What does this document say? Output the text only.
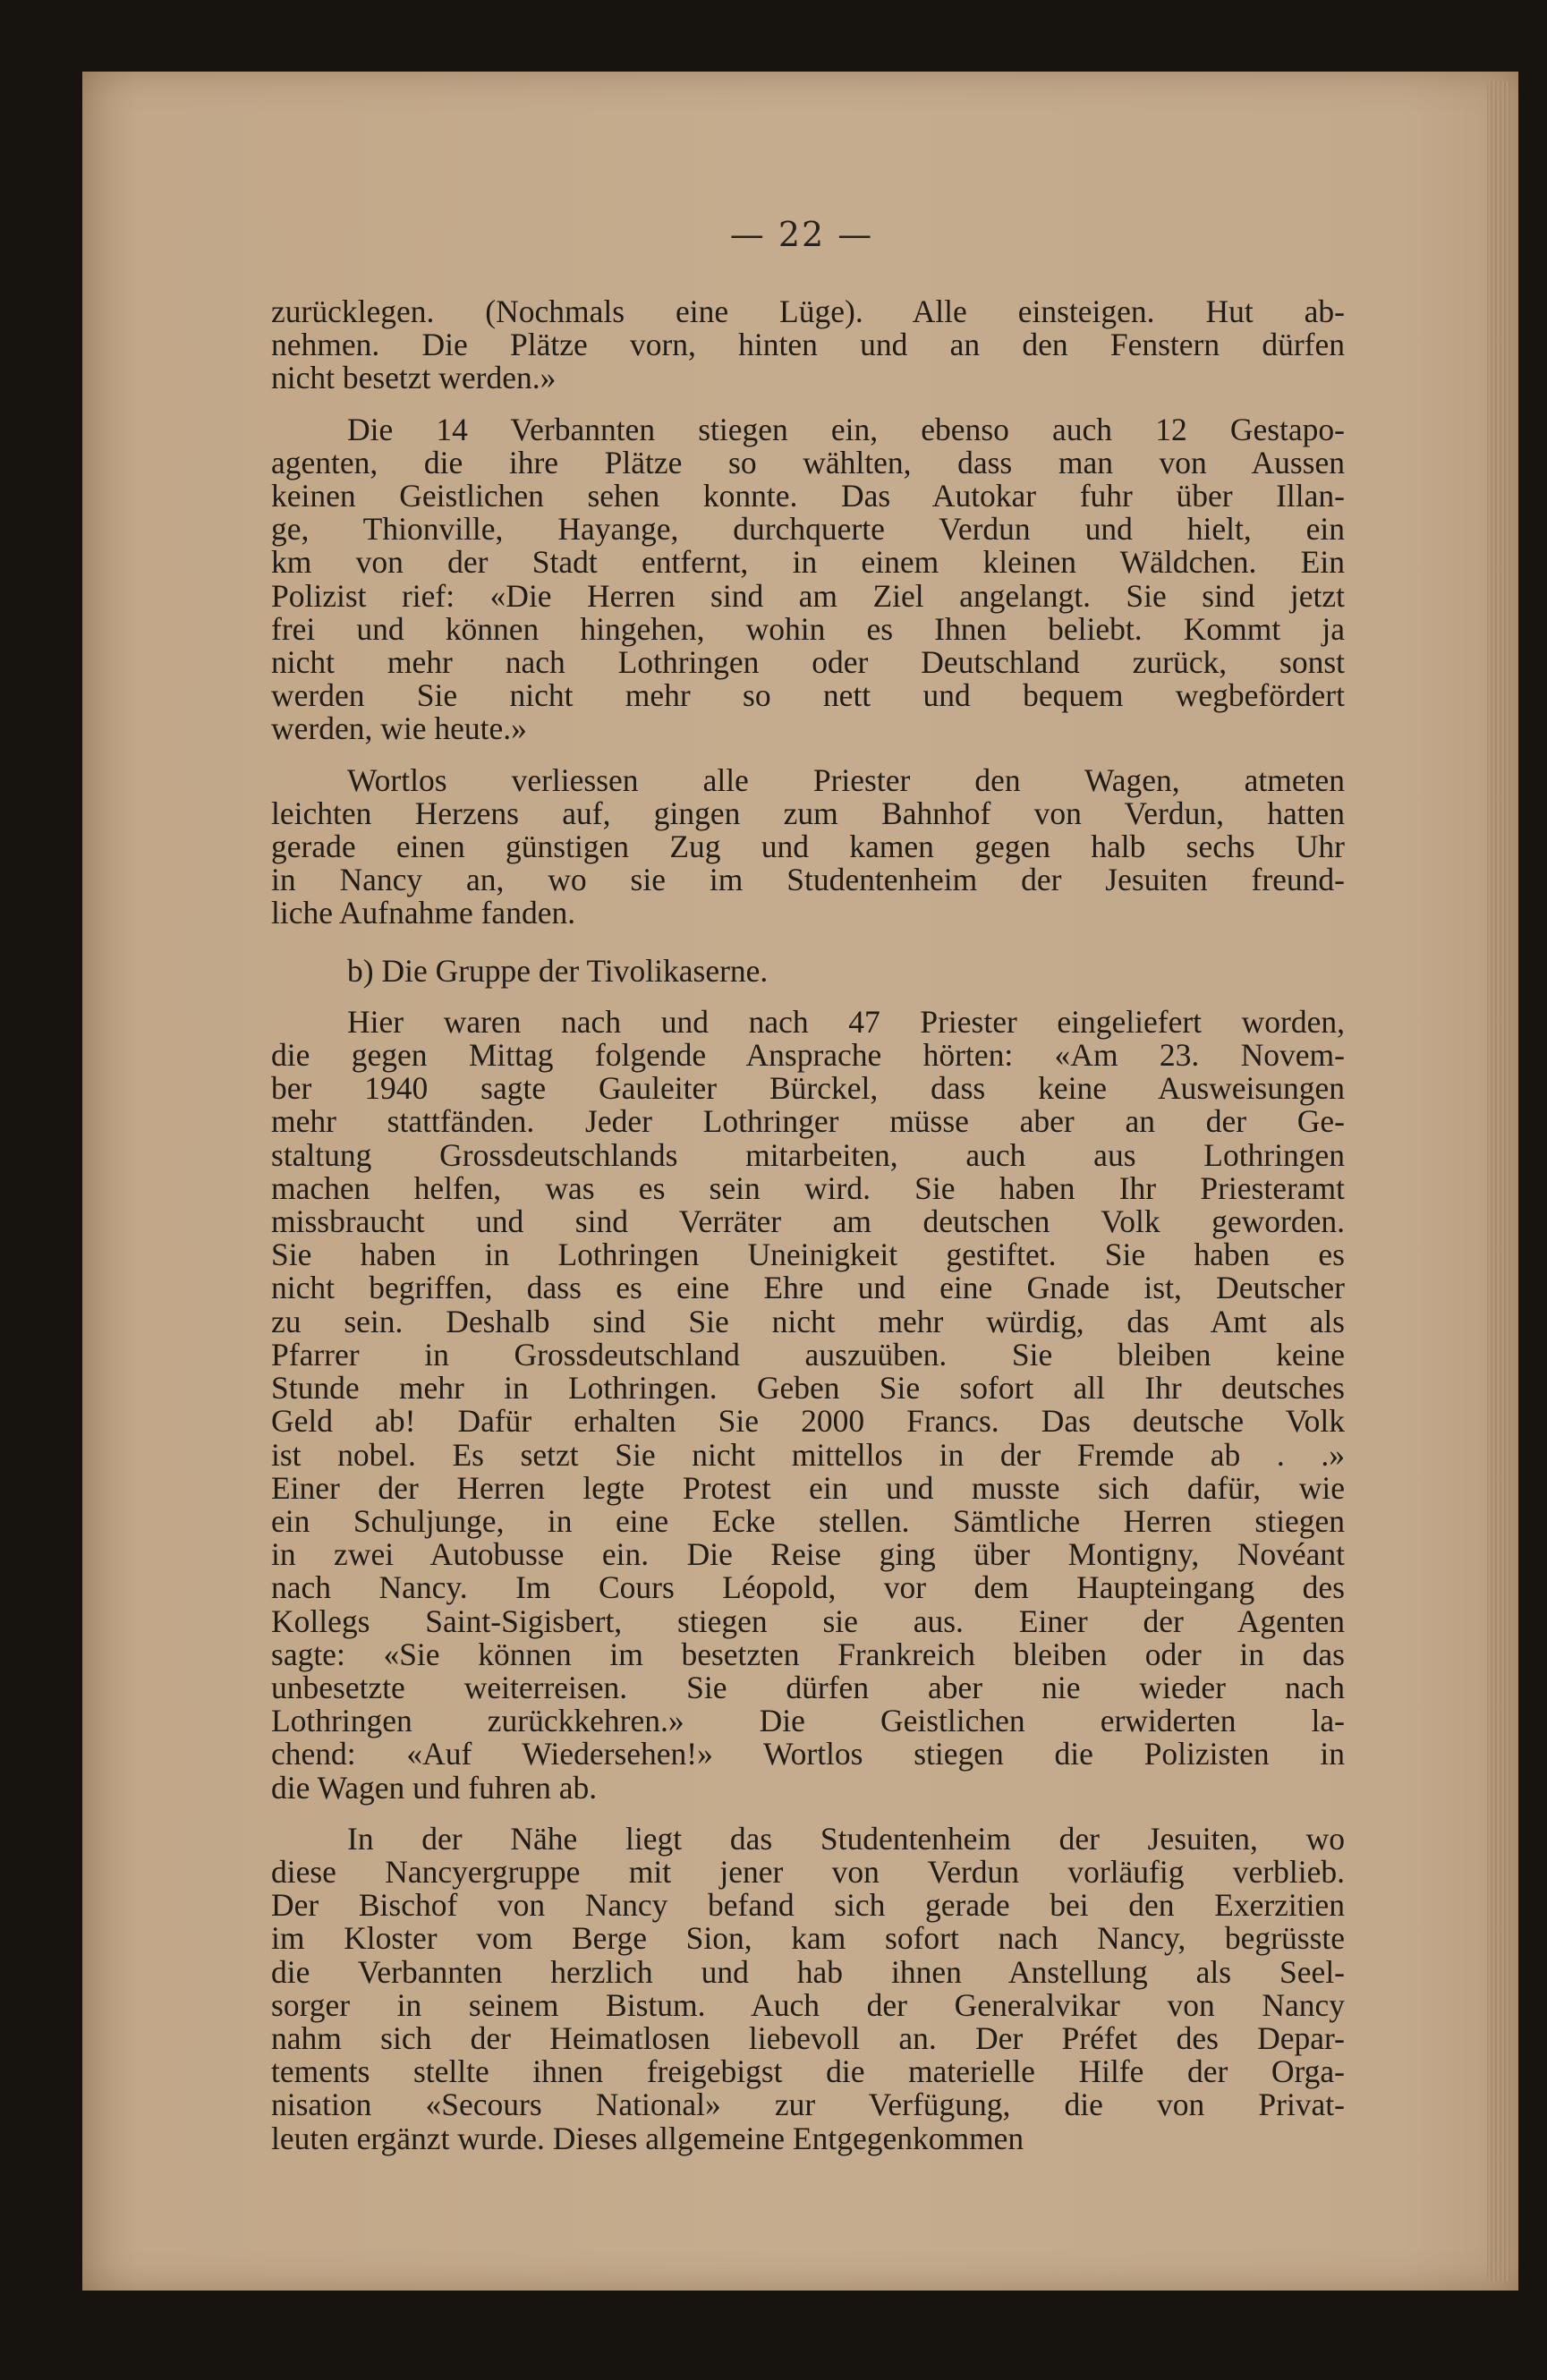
— 22 —
zurücklegen. (Nochmals eine Lüge). Alle einsteigen. Hut ab-
nehmen. Die Plätze vorn, hinten und an den Fenstern dürfen
nicht besetzt werden.»
Die 14 Verbannten stiegen ein, ebenso auch 12 Gestapo-
agenten, die ihre Plätze so wählten, dass man von Aussen
keinen Geistlichen sehen konnte. Das Autokar fuhr über Illan-
ge, Thionville, Hayange, durchquerte Verdun und hielt, ein
km von der Stadt entfernt, in einem kleinen Wäldchen. Ein
Polizist rief: «Die Herren sind am Ziel angelangt. Sie sind jetzt
frei und können hingehen, wohin es Ihnen beliebt. Kommt ja
nicht mehr nach Lothringen oder Deutschland zurück, sonst
werden Sie nicht mehr so nett und bequem wegbefördert
werden, wie heute.»
Wortlos verliessen alle Priester den Wagen, atmeten
leichten Herzens auf, gingen zum Bahnhof von Verdun, hatten
gerade einen günstigen Zug und kamen gegen halb sechs Uhr
in Nancy an, wo sie im Studentenheim der Jesuiten freund-
liche Aufnahme fanden.
b) Die Gruppe der Tivolikaserne.
Hier waren nach und nach 47 Priester eingeliefert worden,
die gegen Mittag folgende Ansprache hörten: «Am 23. Novem-
ber 1940 sagte Gauleiter Bürckel, dass keine Ausweisungen
mehr stattfänden. Jeder Lothringer müsse aber an der Ge-
staltung Grossdeutschlands mitarbeiten, auch aus Lothringen
machen helfen, was es sein wird. Sie haben Ihr Priesteramt
missbraucht und sind Verräter am deutschen Volk geworden.
Sie haben in Lothringen Uneinigkeit gestiftet. Sie haben es
nicht begriffen, dass es eine Ehre und eine Gnade ist, Deutscher
zu sein. Deshalb sind Sie nicht mehr würdig, das Amt als
Pfarrer in Grossdeutschland auszuüben. Sie bleiben keine
Stunde mehr in Lothringen. Geben Sie sofort all Ihr deutsches
Geld ab! Dafür erhalten Sie 2000 Francs. Das deutsche Volk
ist nobel. Es setzt Sie nicht mittellos in der Fremde ab . .»
Einer der Herren legte Protest ein und musste sich dafür, wie
ein Schuljunge, in eine Ecke stellen. Sämtliche Herren stiegen
in zwei Autobusse ein. Die Reise ging über Montigny, Novéant
nach Nancy. Im Cours Léopold, vor dem Haupteingang des
Kollegs Saint-Sigisbert, stiegen sie aus. Einer der Agenten
sagte: «Sie können im besetzten Frankreich bleiben oder in das
unbesetzte weiterreisen. Sie dürfen aber nie wieder nach
Lothringen zurückkehren.» Die Geistlichen erwiderten la-
chend: «Auf Wiedersehen!» Wortlos stiegen die Polizisten in
die Wagen und fuhren ab.
In der Nähe liegt das Studentenheim der Jesuiten, wo
diese Nancyergruppe mit jener von Verdun vorläufig verblieb.
Der Bischof von Nancy befand sich gerade bei den Exerzitien
im Kloster vom Berge Sion, kam sofort nach Nancy, begrüsste
die Verbannten herzlich und hab ihnen Anstellung als Seel-
sorger in seinem Bistum. Auch der Generalvikar von Nancy
nahm sich der Heimatlosen liebevoll an. Der Préfet des Depar-
tements stellte ihnen freigebigst die materielle Hilfe der Orga-
nisation «Secours National» zur Verfügung, die von Privat-
leuten ergänzt wurde. Dieses allgemeine Entgegenkommen
